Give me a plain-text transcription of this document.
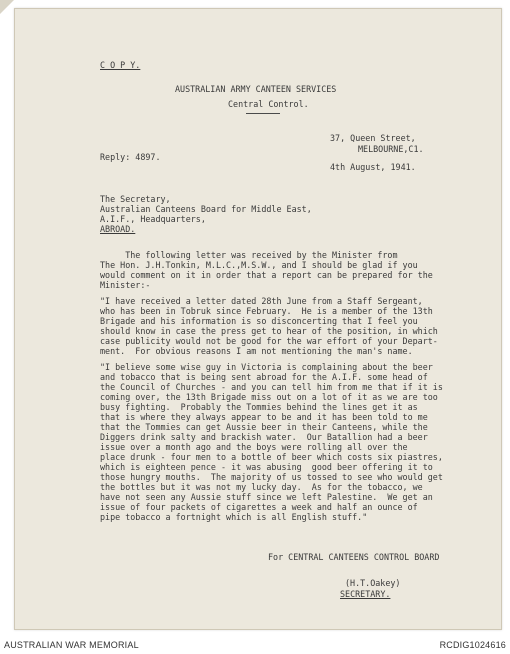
C O P Y.
AUSTRALIAN ARMY CANTEEN SERVICES
Central Control.
37, Queen Street,
MELBOURNE,C1.
Reply: 4897.
4th August, 1941.
The Secretary,
Australian Canteens Board for Middle East,
A.I.F., Headquarters,
ABROAD.
The following letter was received by the Minister from
The Hon. J.H.Tonkin, M.L.C.,M.S.W., and I should be glad if you
would comment on it in order that a report can be prepared for the
Minister:-
"I have received a letter dated 28th June from a Staff Sergeant,
who has been in Tobruk since February.  He is a member of the 13th
Brigade and his information is so disconcerting that I feel you
should know in case the press get to hear of the position, in which
case publicity would not be good for the war effort of your Depart-
ment.  For obvious reasons I am not mentioning the man's name.
"I believe some wise guy in Victoria is complaining about the beer
and tobacco that is being sent abroad for the A.I.F. some head of
the Council of Churches - and you can tell him from me that if it is
coming over, the 13th Brigade miss out on a lot of it as we are too
busy fighting.  Probably the Tommies behind the lines get it as
that is where they always appear to be and it has been told to me
that the Tommies can get Aussie beer in their Canteens, while the
Diggers drink salty and brackish water.  Our Batallion had a beer
issue over a month ago and the boys were rolling all over the
place drunk - four men to a bottle of beer which costs six piastres,
which is eighteen pence - it was abusing  good beer offering it to
those hungry mouths.  The majority of us tossed to see who would get
the bottles but it was not my lucky day.  As for the tobacco, we
have not seen any Aussie stuff since we left Palestine.  We get an
issue of four packets of cigarettes a week and half an ounce of
pipe tobacco a fortnight which is all English stuff."
For CENTRAL CANTEENS CONTROL BOARD
(H.T.Oakey)
SECRETARY.
AUSTRALIAN WAR MEMORIAL	RCDIG1024616
